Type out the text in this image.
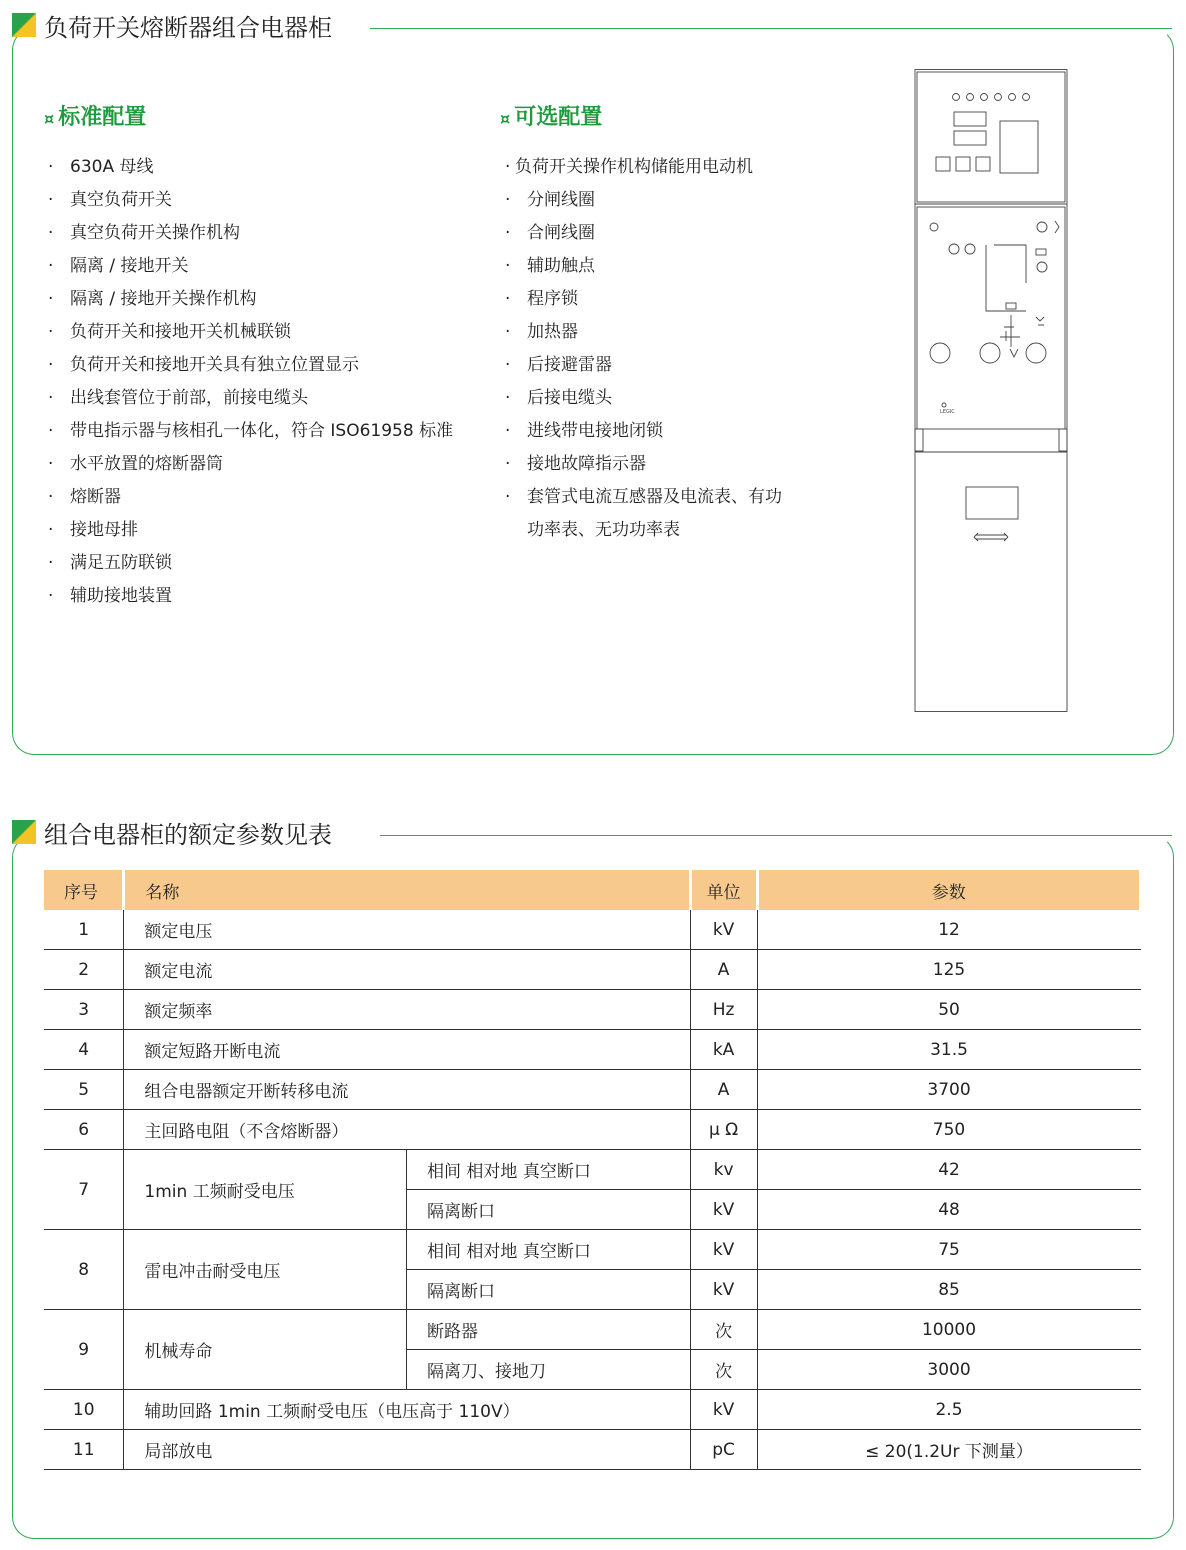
负荷开关熔断器组合电器柜
¤ 标准配置
· 630A 母线
· 真空负荷开关
· 真空负荷开关操作机构
· 隔离 / 接地开关
· 隔离 / 接地开关操作机构
· 负荷开关和接地开关机械联锁
· 负荷开关和接地开关具有独立位置显示
· 出线套管位于前部，前接电缆头
· 带电指示器与核相孔一体化，符合 ISO61958 标准
· 水平放置的熔断器筒
· 熔断器
· 接地母排
· 满足五防联锁
· 辅助接地装置
¤ 可选配置
· 负荷开关操作机构储能用电动机
· 分闸线圈
· 合闸线圈
· 辅助触点
· 程序锁
· 加热器
· 后接避雷器
· 后接电缆头
· 进线带电接地闭锁
· 接地故障指示器
· 套管式电流互感器及电流表、有功
功率表、无功功率表
LEGIC
组合电器柜的额定参数见表
序号	名称		单位	参数
1	额定电压		kV	12
2	额定电流		A	125
3	额定频率		Hz	50
4	额定短路开断电流		kA	31.5
5	组合电器额定开断转移电流		A	3700
6	主回路电阻（不含熔断器）		μ Ω	750
7	1min 工频耐受电压	相间 相对地 真空断口	kv	42
		隔离断口	kV	48
8	雷电冲击耐受电压	相间 相对地 真空断口	kV	75
		隔离断口	kV	85
9	机械寿命	断路器	次	10000
		隔离刀、接地刀	次	3000
10	辅助回路 1min 工频耐受电压（电压高于 110V）		kV	2.5
11	局部放电		pC	≤ 20(1.2Ur 下测量）
